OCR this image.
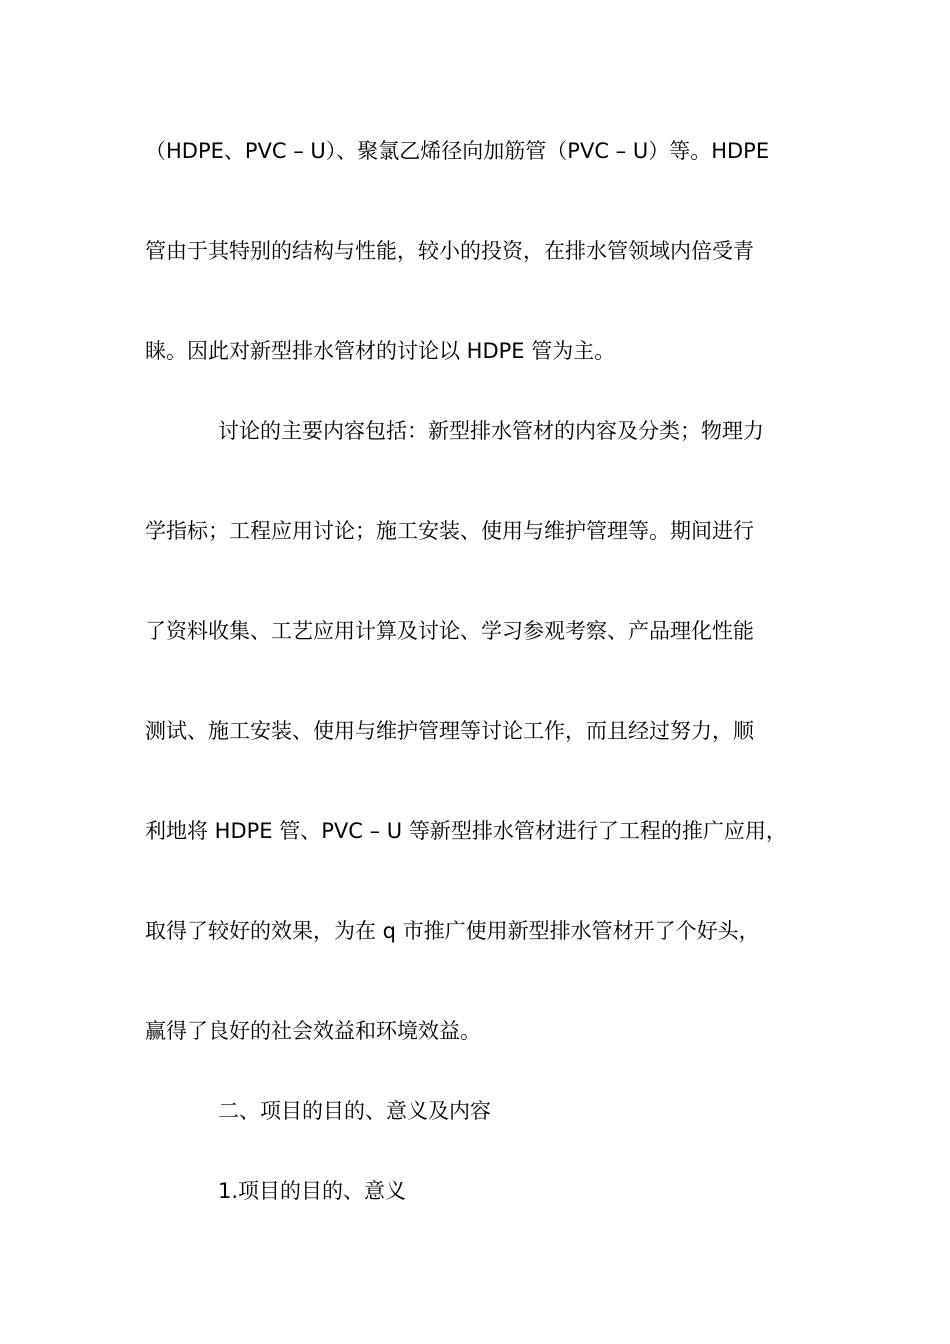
（HDPE、PVC – U）、聚氯乙烯径向加筋管（PVC – U）等。HDPE
管由于其特别的结构与性能，较小的投资，在排水管领域内倍受青
睐。因此对新型排水管材的讨论以 HDPE 管为主。
讨论的主要内容包括：新型排水管材的内容及分类；物理力
学指标；工程应用讨论；施工安装、使用与维护管理等。期间进行
了资料收集、工艺应用计算及讨论、学习参观考察、产品理化性能
测试、施工安装、使用与维护管理等讨论工作，而且经过努力，顺
利地将 HDPE 管、PVC – U 等新型排水管材进行了工程的推广应用，
取得了较好的效果，为在 q 市推广使用新型排水管材开了个好头，
赢得了良好的社会效益和环境效益。
二、项目的目的、意义及内容
1.项目的目的、意义
